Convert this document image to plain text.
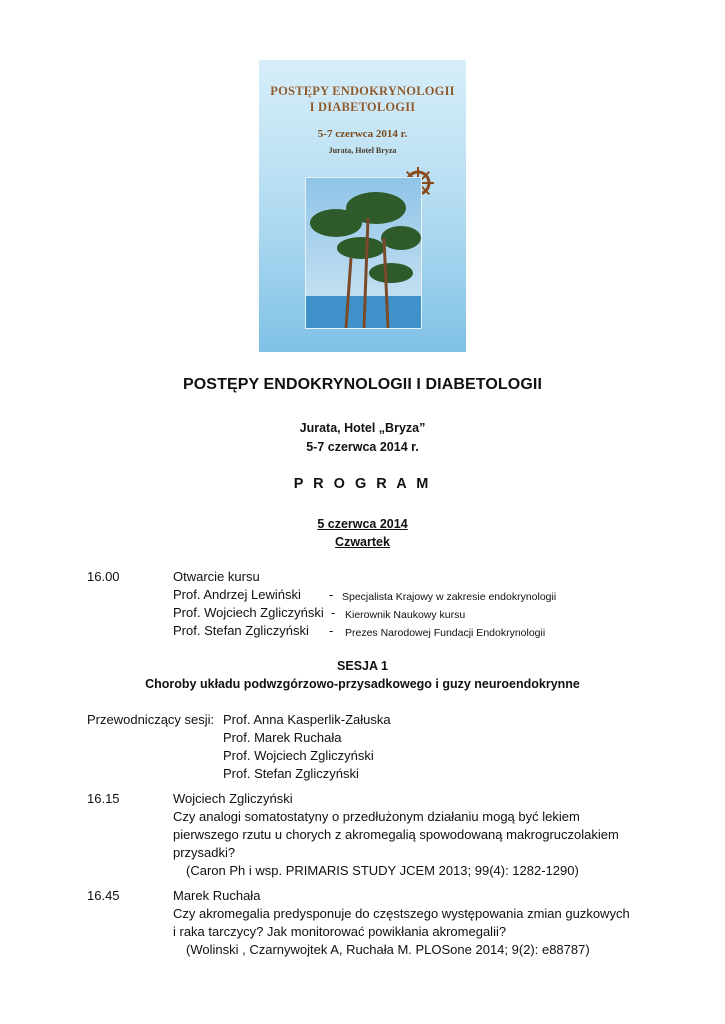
POSTĘPY ENDOKRYNOLOGII
I DIABETOLOGII
5-7 czerwca 2014 r.
Jurata, Hotel Bryza
POSTĘPY ENDOKRYNOLOGII I DIABETOLOGII
Jurata, Hotel „Bryza”
5-7 czerwca 2014 r.
P R O G R A M
5 czerwca 2014
Czwartek
16.00	Otwarcie kursu
Prof. Andrzej Lewiński - Specjalista Krajowy w zakresie endokrynologii
Prof. Wojciech Zgliczyński - Kierownik Naukowy kursu
Prof. Stefan Zgliczyński - Prezes Narodowej Fundacji Endokrynologii
SESJA 1
Choroby układu podwzgórzowo-przysadkowego i guzy neuroendokrynne
Przewodniczący sesji: Prof. Anna Kasperlik-Załuska
Prof. Marek Ruchała
Prof. Wojciech Zgliczyński
Prof. Stefan Zgliczyński
16.15	Wojciech Zgliczyński
Czy analogi somatostatyny o przedłużonym działaniu mogą być lekiem
pierwszego rzutu u chorych z akromegalią spowodowaną makrogruczolakiem
przysadki?
(Caron Ph i wsp. PRIMARIS STUDY JCEM 2013; 99(4): 1282-1290)
16.45	Marek Ruchała
Czy akromegalia predysponuje do częstszego występowania zmian guzkowych
i raka tarczycy? Jak monitorować powikłania akromegalii?
(Wolinski , Czarnywojtek A, Ruchała M. PLOSone 2014; 9(2): e88787)
